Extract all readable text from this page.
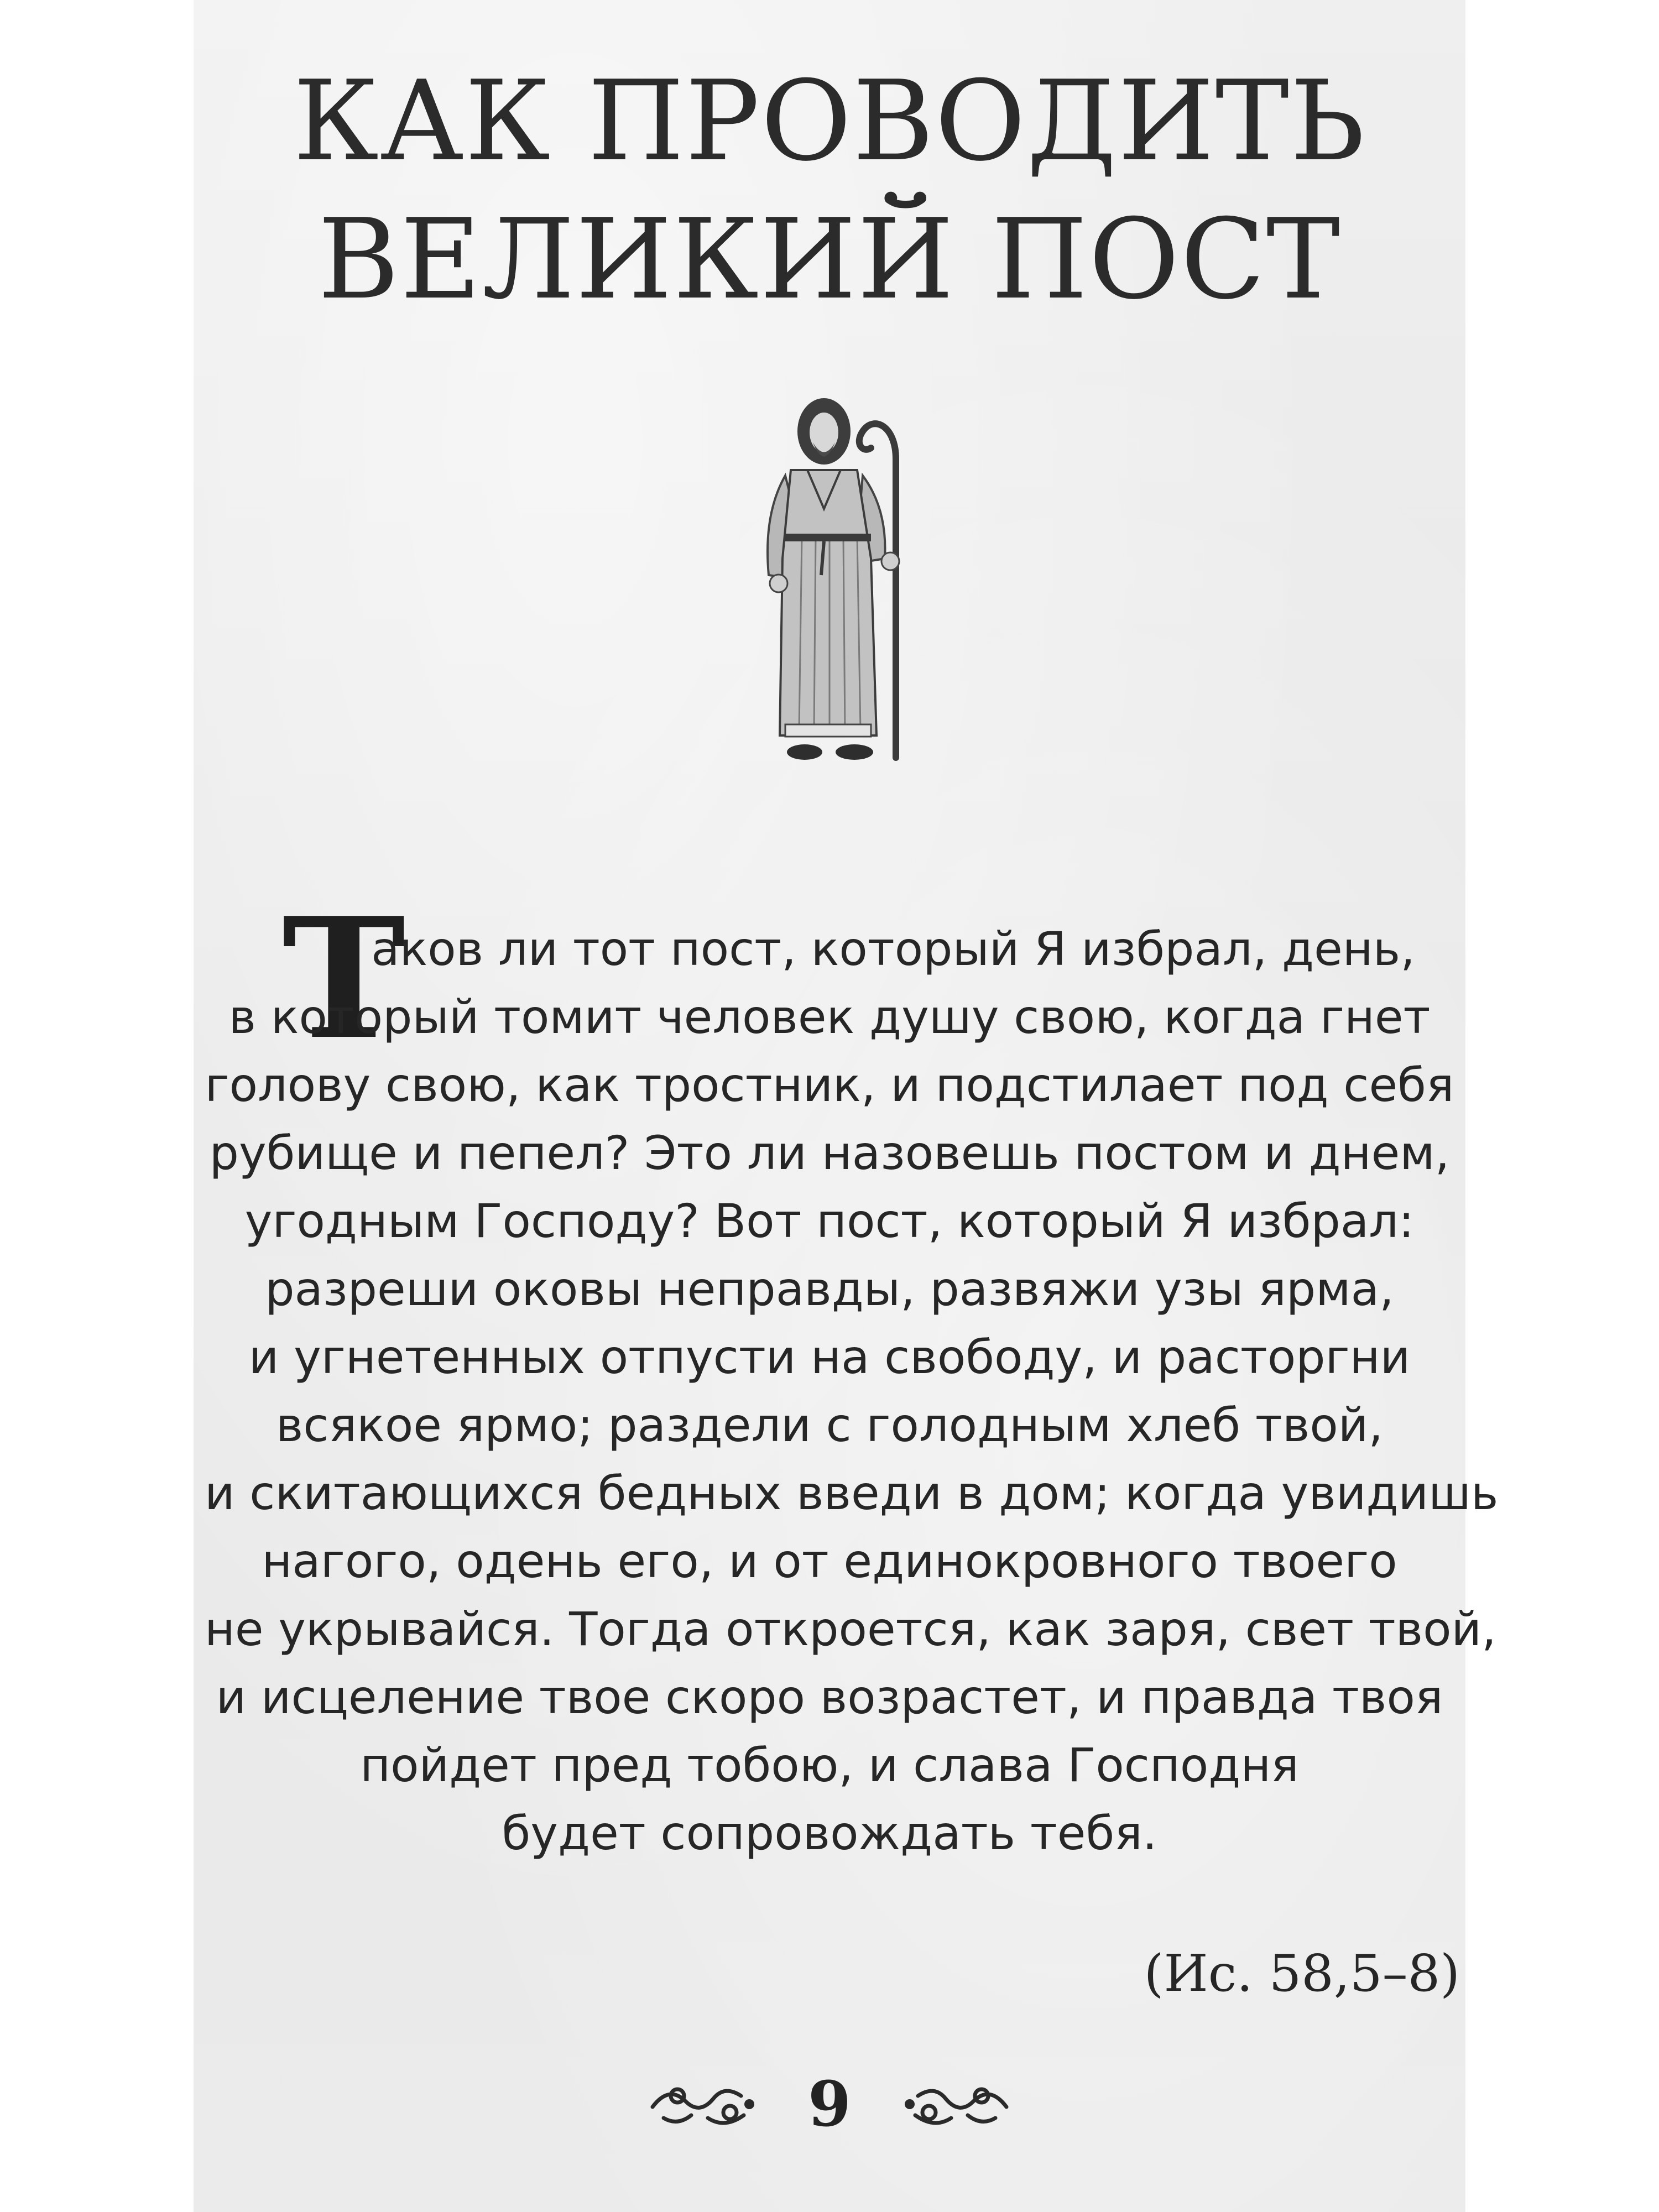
КАК ПРОВОДИТЬ
ВЕЛИКИЙ ПОСТ
Т
аков ли тот пост, который Я избрал, день,
в который томит человек душу свою, когда гнет
голову свою, как тростник, и подстилает под себя
рубище и пепел? Это ли назовешь постом и днем,
угодным Господу? Вот пост, который Я избрал:
разреши оковы неправды, развяжи узы ярма,
и угнетенных отпусти на свободу, и расторгни
всякое ярмо; раздели с голодным хлеб твой,
и скитающихся бедных введи в дом; когда увидишь
нагого, одень его, и от единокровного твоего
не укрывайся. Тогда откроется, как заря, свет твой,
и исцеление твое скоро возрастет, и правда твоя
пойдет пред тобою, и слава Господня
будет сопровождать тебя.
(Ис. 58,5–8)
9
